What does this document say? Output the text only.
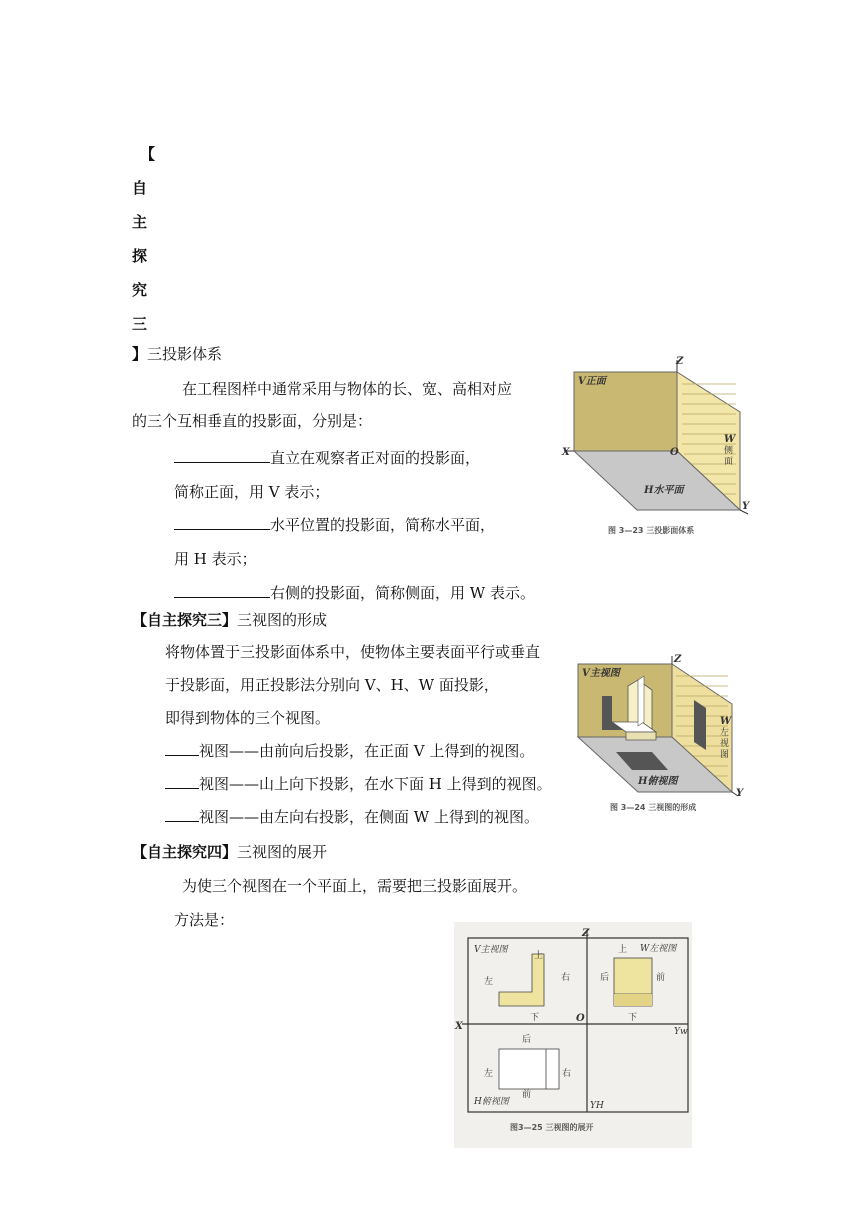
【
自
主
探
究
三
】三投影体系
在工程图样中通常采用与物体的长、宽、高相对应
的三个互相垂直的投影面，分别是：
直立在观察者正对面的投影面，
简称正面，用 V 表示；
水平位置的投影面，简称水平面，
用 H 表示；
右侧的投影面，简称侧面，用 W 表示。
V正面
H水平面
W
侧
面
X
Z
Y
O
图 3—23 三投影面体系
【自主探究三】三视图的形成
将物体置于三投影面体系中，使物体主要表面平行或垂直
于投影面，用正投影法分别向 V、H、W 面投影，
即得到物体的三个视图。
视图——由前向后投影，在正面 V 上得到的视图。
视图——山上向下投影，在水下面 H 上得到的视图。
视图——由左向右投影，在侧面 W 上得到的视图。
V主视图
H俯视图
W
左
视
图
Z
Y
图 3—24 三视图的形成
【自主探究四】三视图的展开
为使三个视图在一个平面上，需要把三投影面展开。
方法是：
V主视图	W左视图
H俯视图
上
左	右
下
上
后	前
下
后
左	右
前
Z
X
O
Yw
YH
图3—25 三视图的展开
